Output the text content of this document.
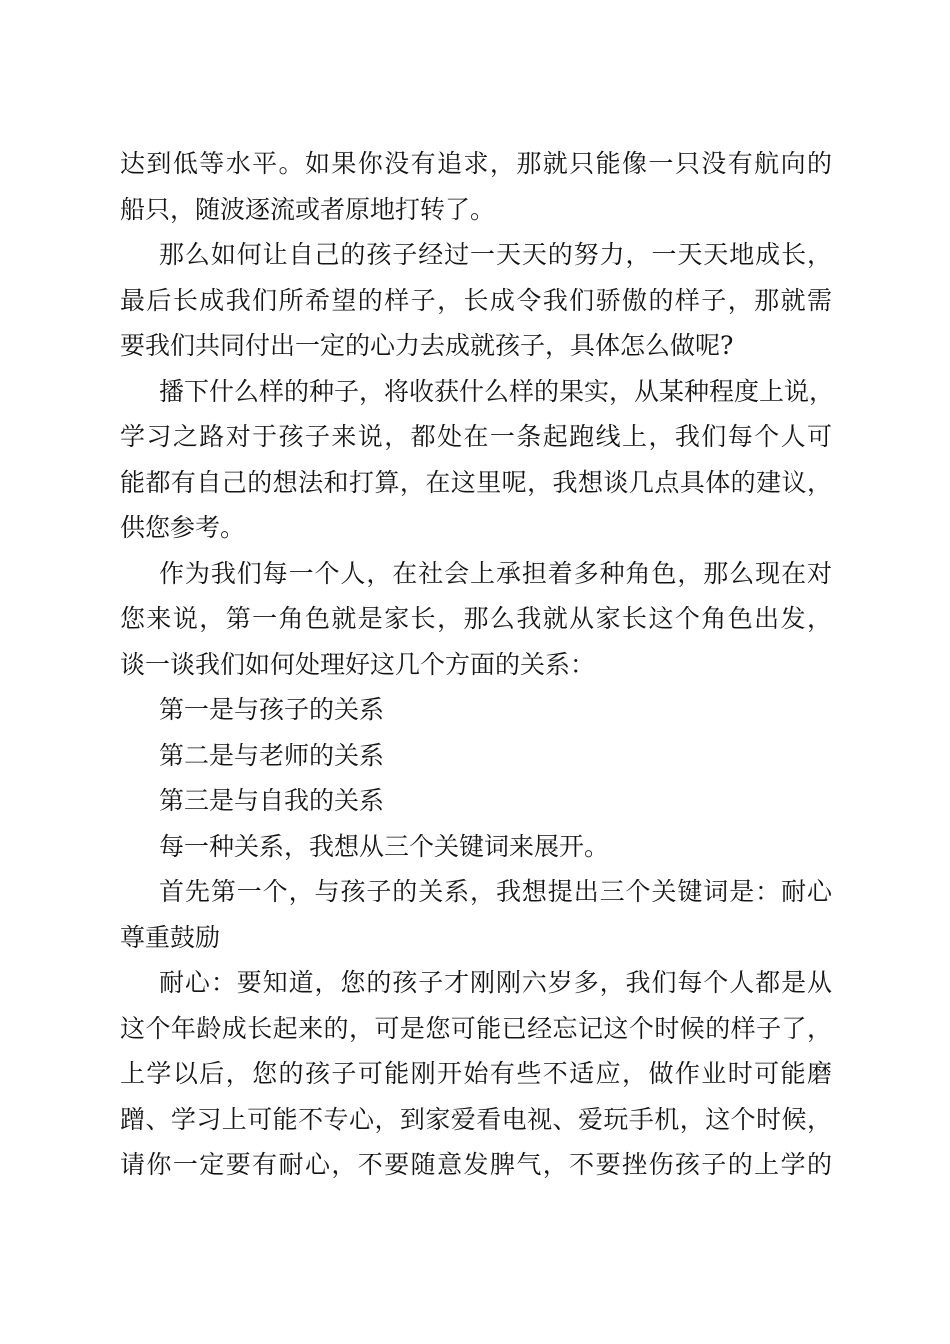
达到低等水平。如果你没有追求，那就只能像一只没有航向的
船只，随波逐流或者原地打转了。
那么如何让自己的孩子经过一天天的努力，一天天地成长，
最后长成我们所希望的样子，长成令我们骄傲的样子，那就需
要我们共同付出一定的心力去成就孩子，具体怎么做呢?
播下什么样的种子，将收获什么样的果实，从某种程度上说，
学习之路对于孩子来说，都处在一条起跑线上，我们每个人可
能都有自己的想法和打算，在这里呢，我想谈几点具体的建议，
供您参考。
作为我们每一个人，在社会上承担着多种角色，那么现在对
您来说，第一角色就是家长，那么我就从家长这个角色出发，
谈一谈我们如何处理好这几个方面的关系：
第一是与孩子的关系
第二是与老师的关系
第三是与自我的关系
每一种关系，我想从三个关键词来展开。
首先第一个，与孩子的关系，我想提出三个关键词是：耐心
尊重鼓励
耐心：要知道，您的孩子才刚刚六岁多，我们每个人都是从
这个年龄成长起来的，可是您可能已经忘记这个时候的样子了，
上学以后，您的孩子可能刚开始有些不适应，做作业时可能磨
蹭、学习上可能不专心，到家爱看电视、爱玩手机，这个时候，
请你一定要有耐心，不要随意发脾气，不要挫伤孩子的上学的
